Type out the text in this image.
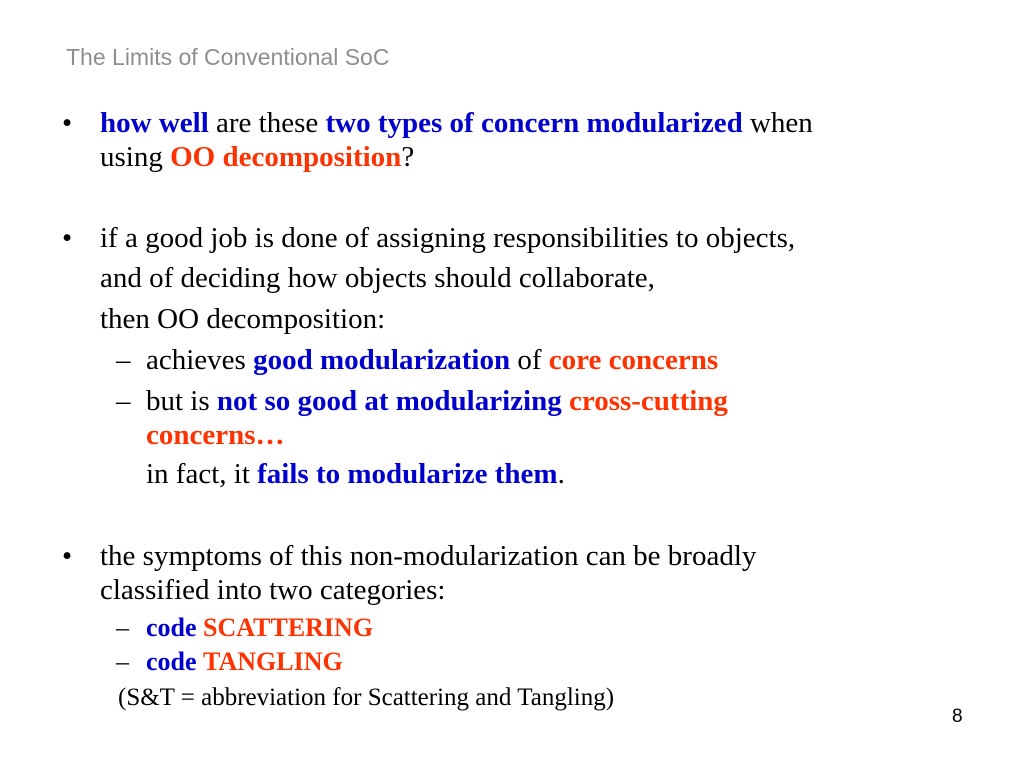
The Limits of Conventional SoC
• how well are these two types of concern modularized when
using OO decomposition?
• if a good job is done of assigning responsibilities to objects,
and of deciding how objects should collaborate,
then OO decomposition:
– achieves good modularization of core concerns
– but is not so good at modularizing cross-cutting
concerns…
in fact, it fails to modularize them.
• the symptoms of this non-modularization can be broadly
classified into two categories:
– code SCATTERING
– code TANGLING
(S&T = abbreviation for Scattering and Tangling)
8
